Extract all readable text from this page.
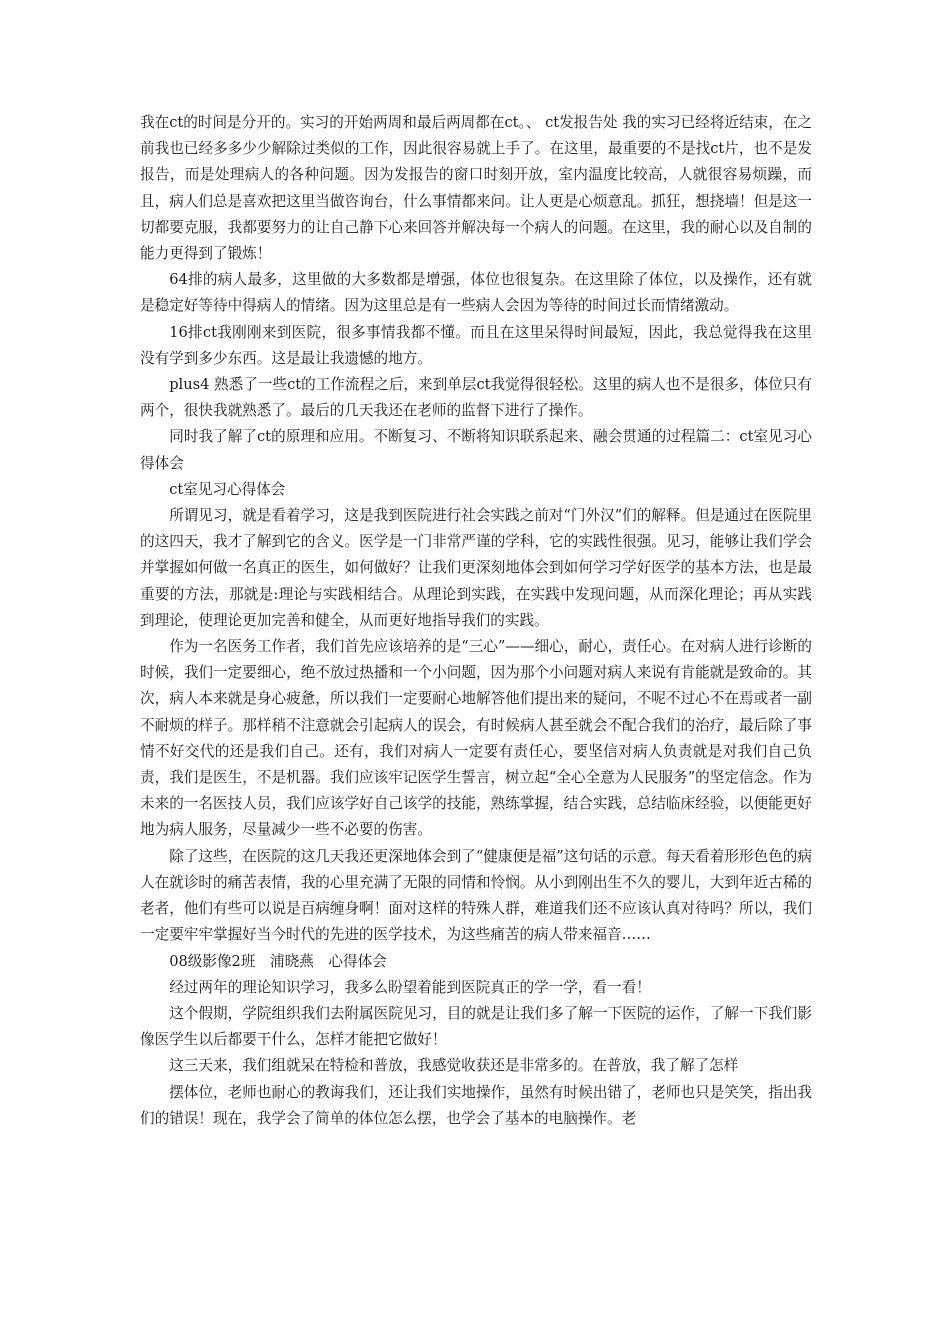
我在ct的时间是分开的。实习的开始两周和最后两周都在ct。、 ct发报告处 我的实习已经将近结束，在之前我也已经多多少少解除过类似的工作，因此很容易就上手了。在这里，最重要的不是找ct片，也不是发报告，而是处理病人的各种问题。因为发报告的窗口时刻开放，室内温度比较高，人就很容易烦躁，而且，病人们总是喜欢把这里当做咨询台，什么事情都来问。让人更是心烦意乱。抓狂，想挠墙！但是这一切都要克服，我都要努力的让自己静下心来回答并解决每一个病人的问题。在这里，我的耐心以及自制的能力更得到了锻炼！

64排的病人最多，这里做的大多数都是增强，体位也很复杂。在这里除了体位，以及操作，还有就是稳定好等待中得病人的情绪。因为这里总是有一些病人会因为等待的时间过长而情绪激动。

16排ct我刚刚来到医院，很多事情我都不懂。而且在这里呆得时间最短，因此，我总觉得我在这里没有学到多少东西。这是最让我遗憾的地方。

plus4 熟悉了一些ct的工作流程之后，来到单层ct我觉得很轻松。这里的病人也不是很多，体位只有两个，很快我就熟悉了。最后的几天我还在老师的监督下进行了操作。

同时我了解了ct的原理和应用。不断复习、不断将知识联系起来、融会贯通的过程篇二：ct室见习心得体会

ct室见习心得体会

所谓见习，就是看着学习，这是我到医院进行社会实践之前对“门外汉”们的解释。但是通过在医院里的这四天，我才了解到它的含义。医学是一门非常严谨的学科，它的实践性很强。见习，能够让我们学会并掌握如何做一名真正的医生，如何做好？让我们更深刻地体会到如何学习学好医学的基本方法，也是最重要的方法，那就是:理论与实践相结合。从理论到实践，在实践中发现问题，从而深化理论；再从实践到理论，使理论更加完善和健全，从而更好地指导我们的实践。

作为一名医务工作者，我们首先应该培养的是“三心”——细心，耐心，责任心。在对病人进行诊断的时候，我们一定要细心，绝不放过热播和一个小问题，因为那个小问题对病人来说有肯能就是致命的。其次，病人本来就是身心疲惫，所以我们一定要耐心地解答他们提出来的疑问，不呢不过心不在焉或者一副不耐烦的样子。那样稍不注意就会引起病人的误会，有时候病人甚至就会不配合我们的治疗，最后除了事情不好交代的还是我们自己。还有，我们对病人一定要有责任心，要坚信对病人负责就是对我们自己负责，我们是医生，不是机器。我们应该牢记医学生誓言，树立起“全心全意为人民服务”的坚定信念。作为未来的一名医技人员，我们应该学好自己该学的技能，熟练掌握，结合实践，总结临床经验，以便能更好地为病人服务，尽量减少一些不必要的伤害。

除了这些，在医院的这几天我还更深地体会到了“健康便是福”这句话的示意。每天看着形形色色的病人在就诊时的痛苦表情，我的心里充满了无限的同情和怜悯。从小到刚出生不久的婴儿，大到年近古稀的老者，他们有些可以说是百病缠身啊！面对这样的特殊人群，难道我们还不应该认真对待吗？所以，我们一定要牢牢掌握好当今时代的先进的医学技术，为这些痛苦的病人带来福音……

08级影像2班　浦晓燕　心得体会

经过两年的理论知识学习，我多么盼望着能到医院真正的学一学，看一看！

这个假期，学院组织我们去附属医院见习，目的就是让我们多了解一下医院的运作，了解一下我们影像医学生以后都要干什么，怎样才能把它做好！

这三天来，我们组就呆在特检和普放，我感觉收获还是非常多的。在普放，我了解了怎样

摆体位，老师也耐心的教诲我们，还让我们实地操作，虽然有时候出错了，老师也只是笑笑，指出我们的错误！现在，我学会了简单的体位怎么摆，也学会了基本的电脑操作。老
